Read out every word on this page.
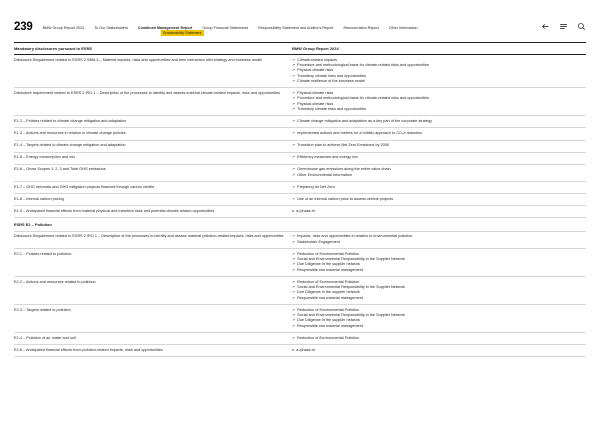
239	BMW Group Report 2024	To Our Stakeholders	Combined Management Report	Group Financial Statements	Responsibility Statement and Auditor's Report	Remuneration Report	Other Information
Sustainability Statement
Mandatory disclosures pursuant to ESRS	BMW Group Report 2024
Disclosure Requirement related to ESRS 2 SBM-3 – Material impacts, risks and opportunities and their interaction with strategy and business model	
↗Climate-related impacts
↗ Procedure and methodological basis for climate-related risks and opportunities
↗ Physical climate risks
↗ Transitory climate risks and opportunities
↗ Climate resilience of the business model

Disclosure requirement related to ESRS 2 IRO-1 – Description of the processes to identify and assess material climate-related impacts, risks and opportunities	
↗Physical climate risks
↗ Procedure and methodological basis for climate-related risks and opportunities
↗ Physical climate risks
↗ Transitory climate risks and opportunities

E1-2 – Policies related to climate change mitigation and adaptation	
↗Climate change mitigation and adaptation as a key part of the corporate strategy

E1-3 – Actions and resources in relation to climate change policies	
↗Implemented actions and metrics for a holistic approach to CO₂e reduction

E1-4 – Targets related to climate change mitigation and adaptation	
↗Transition plan to achieve Net Zero Emissions by 2050

E1-5 – Energy consumption and mix	
↗Efficiency measures and energy mix

E1-6 – Gross Scopes 1, 2, 3 and Total GHG emissions	
↗Greenhouse gas emissions along the entire value chain
↗ Other Environmental Information

E1-7 – GHG removals and GHG mitigation projects financed through carbon credits	
↗Preparing for Net Zero

E1-8 – Internal carbon pricing	
↗Use of an internal carbon price to assess vehicle projects

E1-9 – Anticipated financial effects from material physical and transition risks and potential climate-related opportunities	n. a./phase-in
ESRS E2 – Pollution	
Disclosure Requirement related to ESRS 2 IRO-1 – Description of the processes to identify and assess material pollution-related impacts, risks and opportunities	
↗Impacts, risks and opportunities in relation to environmental pollution
↗ Stakeholder Engagement

E2-1 – Policies related to pollution	
↗Reduction of Environmental Pollution
↗ Social and Environmental Responsibility in the Supplier Network
↗ Due Diligence in the supplier network
↗ Responsible raw material management

E2-2 – Actions and resources related to pollution	
↗Reduction of Environmental Pollution
↗ Social and Environmental Responsibility in the Supplier Network
↗ Due Diligence in the supplier network
↗ Responsible raw material management

E2-3 – Targets related to pollution	
↗Reduction of Environmental Pollution
↗ Social and Environmental Responsibility in the Supplier Network
↗ Due Diligence in the supplier network
↗ Responsible raw material management

E2-4 – Pollution of air, water and soil	
↗Reduction of Environmental Pollution

E2-6 – Anticipated financial effects from pollution-related impacts, risks and opportunities	n. a./phase-in
